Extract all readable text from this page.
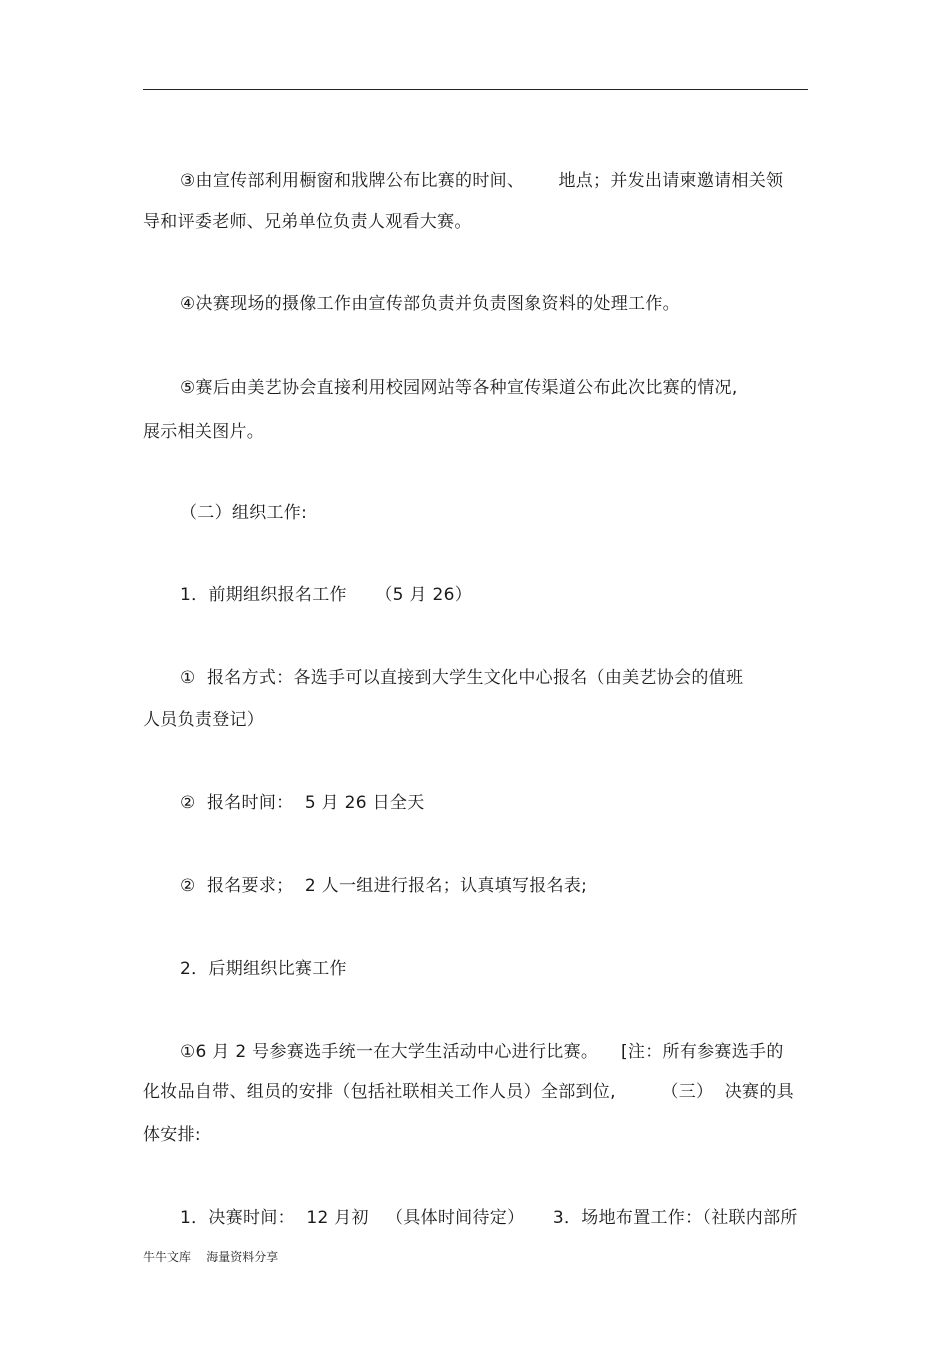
③由宣传部利用橱窗和戕牌公布比赛的时间、      地点；并发出请柬邀请相关领
导和评委老师、兄弟单位负责人观看大赛。
④决赛现场的摄像工作由宣传部负责并负责图象资料的处理工作。
⑤赛后由美艺协会直接利用校园网站等各种宣传渠道公布此次比赛的情况,
展示相关图片。
（二）组织工作:
1．前期组织报名工作     （5 月 26）
①  报名方式：各选手可以直接到大学生文化中心报名（由美艺协会的值班
人员负责登记）
②  报名时间：  5 月 26 日全天
②  报名要求；  2 人一组进行报名；认真填写报名表;
2．后期组织比赛工作
①6 月 2 号参赛选手统一在大学生活动中心进行比赛。    [注：所有参赛选手的
化妆品自带、组员的安排（包括社联相关工作人员）全部到位,        （三）  决赛的具
体安排:
1．决赛时间：  12 月初   （具体时间待定）     3．场地布置工作：（社联内部所
牛牛文库    海量资料分享
